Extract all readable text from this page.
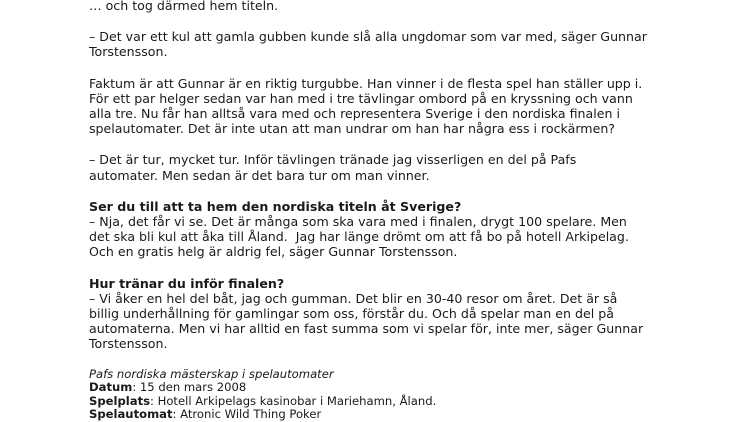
… och tog därmed hem titeln.

– Det var ett kul att gamla gubben kunde slå alla ungdomar som var med, säger Gunnar

Torstensson.

Faktum är att Gunnar är en riktig turgubbe. Han vinner i de flesta spel han ställer upp i.

För ett par helger sedan var han med i tre tävlingar ombord på en kryssning och vann

alla tre. Nu får han alltså vara med och representera Sverige i den nordiska finalen i

spelautomater. Det är inte utan att man undrar om han har några ess i rockärmen?

– Det är tur, mycket tur. Inför tävlingen tränade jag visserligen en del på Pafs

automater. Men sedan är det bara tur om man vinner.

Ser du till att ta hem den nordiska titeln åt Sverige?

– Nja, det får vi se. Det är många som ska vara med i finalen, drygt 100 spelare. Men

det ska bli kul att åka till Åland.  Jag har länge drömt om att få bo på hotell Arkipelag.

Och en gratis helg är aldrig fel, säger Gunnar Torstensson.

Hur tränar du inför finalen?

– Vi åker en hel del båt, jag och gumman. Det blir en 30-40 resor om året. Det är så

billig underhållning för gamlingar som oss, förstår du. Och då spelar man en del på

automaterna. Men vi har alltid en fast summa som vi spelar för, inte mer, säger Gunnar

Torstensson.

Pafs nordiska mästerskap i spelautomater

Datum: 15 den mars 2008

Spelplats: Hotell Arkipelags kasinobar i Mariehamn, Åland.

Spelautomat: Atronic Wild Thing Poker
